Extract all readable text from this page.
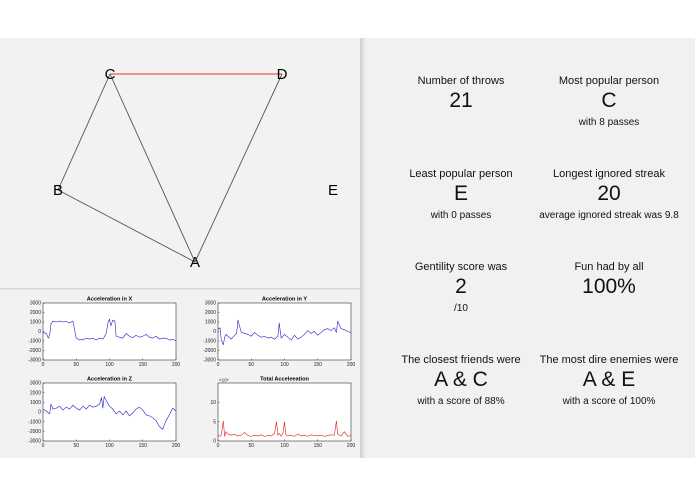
C	D
B	E
A
Acceleration in X
0	50	100	150	200
3000
2000
1000
0
-1000
-2000
-3000
Acceleration in Y
0	50	100	150	200
3000
2000
1000
0
-1000
-2000
-3000
Acceleration in Z
0	50	100	150	200
3000
2000
1000
0
-1000
-2000
-3000
Total Acceleeation
×10⁶
0	50	100	150	200
10
5
0
Number of throws
21
Most popular person
C
with 8 passes
Least popular person
E
with 0 passes
Longest ignored streak
20
average ignored streak was 9.8
Gentility score was
2
/10
Fun had by all
100%
The closest friends were
A & C
with a score of 88%
The most dire enemies were
A & E
with a score of 100%
